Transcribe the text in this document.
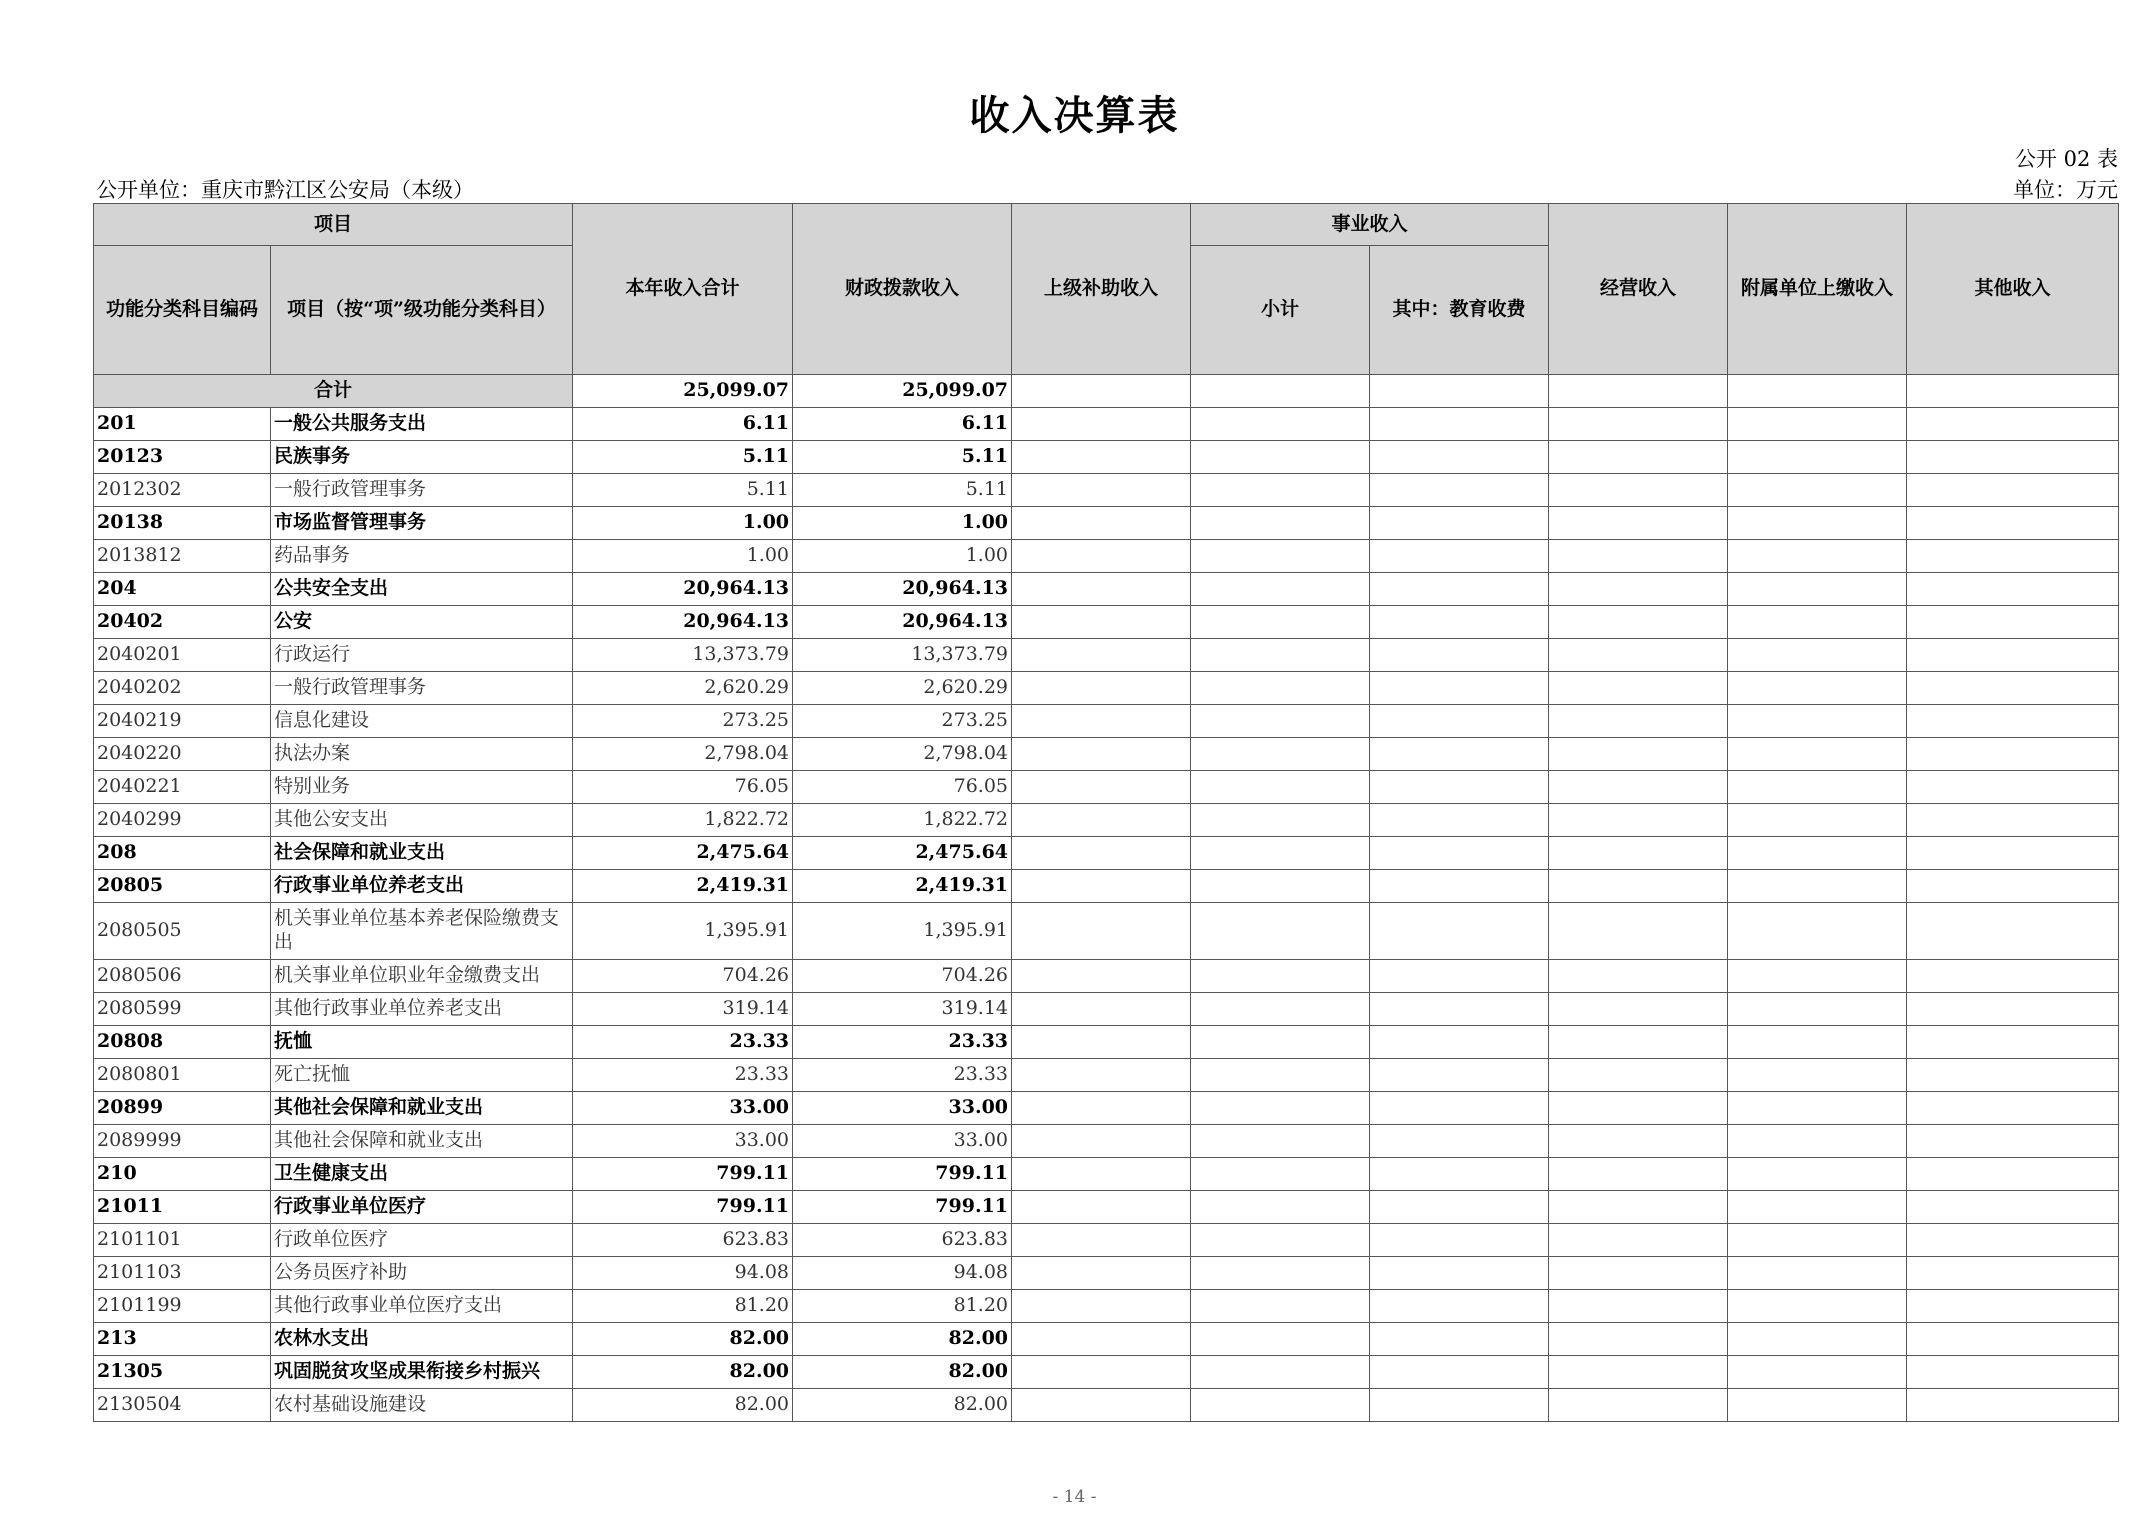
收入决算表
公开 02 表
公开单位：重庆市黔江区公安局（本级）	单位：万元
项目		本年收入合计	财政拨款收入	上级补助收入	事业收入		经营收入	附属单位上缴收入	其他收入
功能分类科目编码	项目（按“项”级功能分类科目）				小计	其中：教育收费			
合计		25,099.07	25,099.07						
201	一般公共服务支出	6.11	6.11						
20123	民族事务	5.11	5.11						
2012302	一般行政管理事务	5.11	5.11						
20138	市场监督管理事务	1.00	1.00						
2013812	药品事务	1.00	1.00						
204	公共安全支出	20,964.13	20,964.13						
20402	公安	20,964.13	20,964.13						
2040201	行政运行	13,373.79	13,373.79						
2040202	一般行政管理事务	2,620.29	2,620.29						
2040219	信息化建设	273.25	273.25						
2040220	执法办案	2,798.04	2,798.04						
2040221	特别业务	76.05	76.05						
2040299	其他公安支出	1,822.72	1,822.72						
208	社会保障和就业支出	2,475.64	2,475.64						
20805	行政事业单位养老支出	2,419.31	2,419.31						
2080505	机关事业单位基本养老保险缴费支出	1,395.91	1,395.91						
2080506	机关事业单位职业年金缴费支出	704.26	704.26						
2080599	其他行政事业单位养老支出	319.14	319.14						
20808	抚恤	23.33	23.33						
2080801	死亡抚恤	23.33	23.33						
20899	其他社会保障和就业支出	33.00	33.00						
2089999	其他社会保障和就业支出	33.00	33.00						
210	卫生健康支出	799.11	799.11						
21011	行政事业单位医疗	799.11	799.11						
2101101	行政单位医疗	623.83	623.83						
2101103	公务员医疗补助	94.08	94.08						
2101199	其他行政事业单位医疗支出	81.20	81.20						
213	农林水支出	82.00	82.00						
21305	巩固脱贫攻坚成果衔接乡村振兴	82.00	82.00						
2130504	农村基础设施建设	82.00	82.00						
- 14 -
